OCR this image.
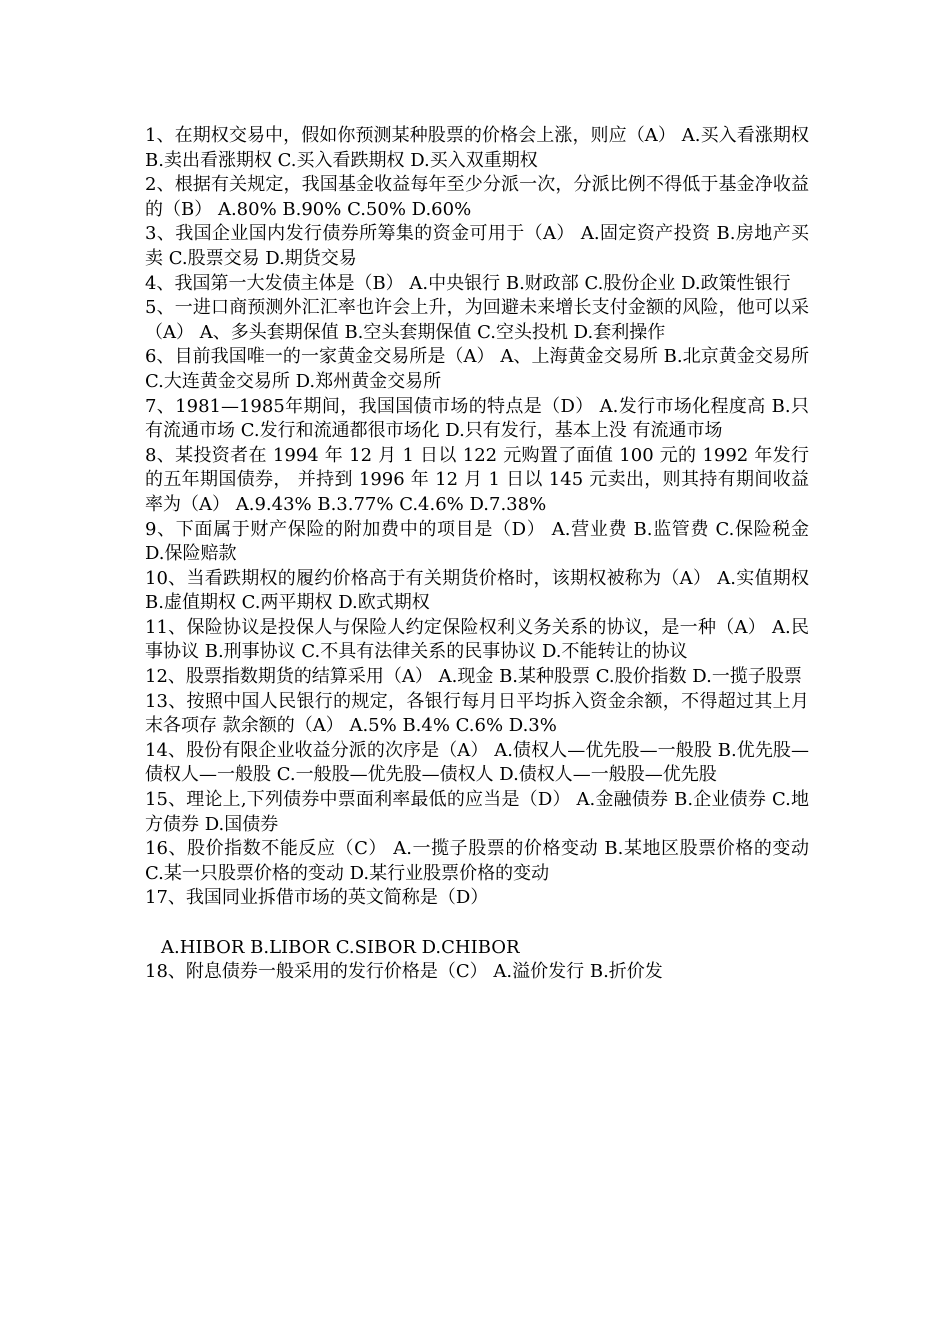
1、在期权交易中，假如你预测某种股票的价格会上涨，则应（A） A.买入看涨期权 B.卖出看涨期权 C.买入看跌期权 D.买入双重期权

2、根据有关规定，我国基金收益每年至少分派一次，分派比例不得低于基金净收益的（B） A.80% B.90% C.50% D.60%

3、我国企业国内发行债券所筹集的资金可用于（A） A.固定资产投资 B.房地产买卖 C.股票交易 D.期货交易

4、我国第一大发债主体是（B） A.中央银行 B.财政部 C.股份企业 D.政策性银行

5、一进口商预测外汇汇率也许会上升，为回避未来增长支付金额的风险，他可以采（A） A、多头套期保值 B.空头套期保值 C.空头投机 D.套利操作

6、目前我国唯一的一家黄金交易所是（A） A、上海黄金交易所 B.北京黄金交易所 C.大连黄金交易所 D.郑州黄金交易所

7、1981—1985年期间，我国国债市场的特点是（D） A.发行市场化程度高 B.只有流通市场 C.发行和流通都很市场化 D.只有发行，基本上没 有流通市场

8、某投资者在 1994 年 12 月 1 日以 122 元购置了面值 100 元的 1992 年发行的五年期国债券， 并持到 1996 年 12 月 1 日以 145 元卖出，则其持有期间收益率为（A） A.9.43% B.3.77% C.4.6% D.7.38%

9、下面属于财产保险的附加费中的项目是（D） A.营业费 B.监管费 C.保险税金 D.保险赔款

10、当看跌期权的履约价格高于有关期货价格时，该期权被称为（A） A.实值期权 B.虚值期权 C.两平期权 D.欧式期权

11、保险协议是投保人与保险人约定保险权利义务关系的协议，是一种（A） A.民事协议 B.刑事协议 C.不具有法律关系的民事协议 D.不能转让的协议

12、股票指数期货的结算采用（A） A.现金 B.某种股票 C.股价指数 D.一揽子股票

13、按照中国人民银行的规定，各银行每月日平均拆入资金余额，不得超过其上月末各项存 款余额的（A） A.5% B.4% C.6% D.3%

14、股份有限企业收益分派的次序是（A） A.债权人—优先股—一般股 B.优先股—债权人—一般股 C.一般股—优先股—债权人 D.债权人—一般股—优先股

15、理论上,下列债券中票面利率最低的应当是（D） A.金融债券 B.企业债券 C.地方债券 D.国债券

16、股价指数不能反应（C） A.一揽子股票的价格变动 B.某地区股票价格的变动 C.某一只股票价格的变动 D.某行业股票价格的变动

17、我国同业拆借市场的英文简称是（D）

A.HIBOR B.LIBOR C.SIBOR D.CHIBOR

18、附息债券一般采用的发行价格是（C） A.溢价发行 B.折价发
